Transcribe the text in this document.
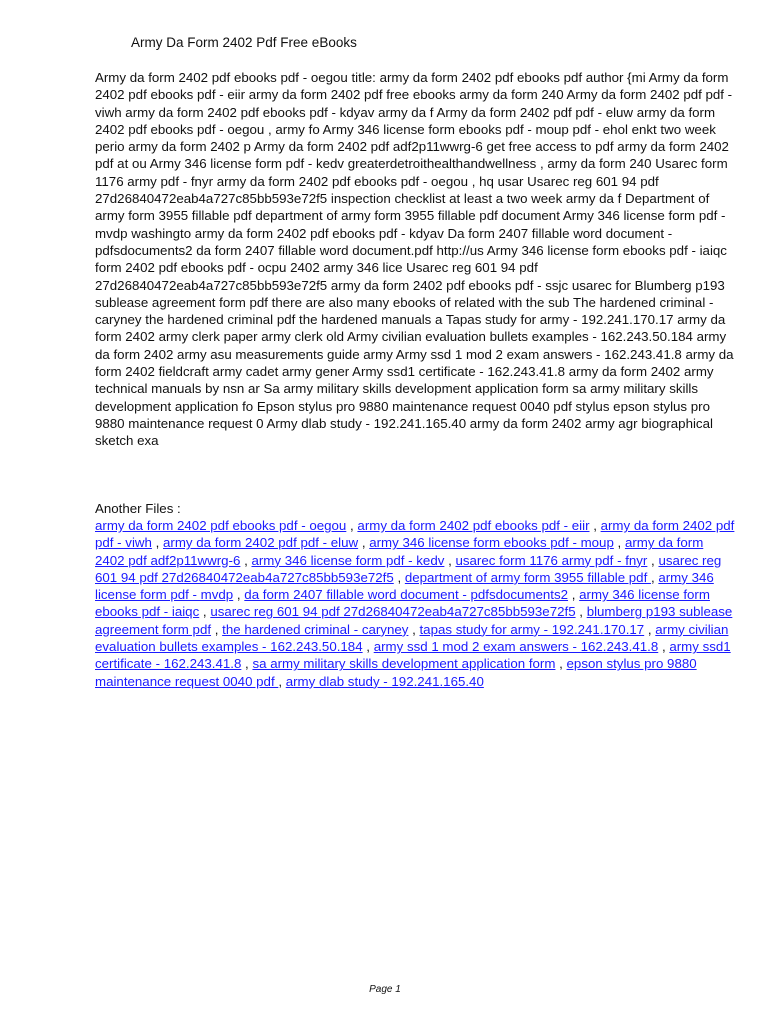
Army Da Form 2402 Pdf Free eBooks

Army da form 2402 pdf ebooks pdf - oegou title: army da form 2402 pdf ebooks pdf author {mi Army da form 2402 pdf ebooks pdf - eiir army da form 2402 pdf free ebooks army da form 240 Army da form 2402 pdf pdf - viwh army da form 2402 pdf ebooks pdf - kdyav army da f Army da form 2402 pdf pdf - eluw army da form 2402 pdf ebooks pdf - oegou , army fo Army 346 license form ebooks pdf - moup pdf - ehol enkt two week perio army da form 2402 p Army da form 2402 pdf adf2p11wwrg-6 get free access to pdf army da form 2402 pdf at ou Army 346 license form pdf - kedv greaterdetroithealthandwellness , army da form 240 Usarec form 1176 army pdf - fnyr army da form 2402 pdf ebooks pdf - oegou , hq usar Usarec reg 601 94 pdf 27d26840472eab4a727c85bb593e72f5 inspection checklist at least a two week army da f Department of army form 3955 fillable pdf department of army form 3955 fillable pdf document Army 346 license form pdf - mvdp washingto army da form 2402 pdf ebooks pdf - kdyav Da form 2407 fillable word document - pdfsdocuments2 da form 2407 fillable word document.pdf http://us Army 346 license form ebooks pdf - iaiqc form 2402 pdf ebooks pdf - ocpu 2402 army 346 lice Usarec reg 601 94 pdf 27d26840472eab4a727c85bb593e72f5 army da form 2402 pdf ebooks pdf - ssjc usarec for Blumberg p193 sublease agreement form pdf there are also many ebooks of related with the sub The hardened criminal - caryney the hardened criminal pdf the hardened manuals a Tapas study for army - 192.241.170.17 army da form 2402 army clerk paper army clerk old Army civilian evaluation bullets examples - 162.243.50.184 army da form 2402 army asu measurements guide army Army ssd 1 mod 2 exam answers - 162.243.41.8 army da form 2402 fieldcraft army cadet army gener Army ssd1 certificate - 162.243.41.8 army da form 2402 army technical manuals by nsn ar Sa army military skills development application form sa army military skills development application fo Epson stylus pro 9880 maintenance request 0040 pdf stylus epson stylus pro 9880 maintenance request 0 Army dlab study - 192.241.165.40 army da form 2402 army agr biographical sketch exa

Another Files :

army da form 2402 pdf ebooks pdf - oegou , army da form 2402 pdf ebooks pdf - eiir , army da form 2402 pdf pdf - viwh , army da form 2402 pdf pdf - eluw , army 346 license form ebooks pdf - moup , army da form 2402 pdf adf2p11wwrg-6 , army 346 license form pdf - kedv , usarec form 1176 army pdf - fnyr , usarec reg 601 94 pdf 27d26840472eab4a727c85bb593e72f5 , department of army form 3955 fillable pdf , army 346 license form pdf - mvdp , da form 2407 fillable word document - pdfsdocuments2 , army 346 license form ebooks pdf - iaiqc , usarec reg 601 94 pdf 27d26840472eab4a727c85bb593e72f5 , blumberg p193 sublease agreement form pdf , the hardened criminal - caryney , tapas study for army - 192.241.170.17 , army civilian evaluation bullets examples - 162.243.50.184 , army ssd 1 mod 2 exam answers - 162.243.41.8 , army ssd1 certificate - 162.243.41.8 , sa army military skills development application form , epson stylus pro 9880 maintenance request 0040 pdf , army dlab study - 192.241.165.40

Page 1
